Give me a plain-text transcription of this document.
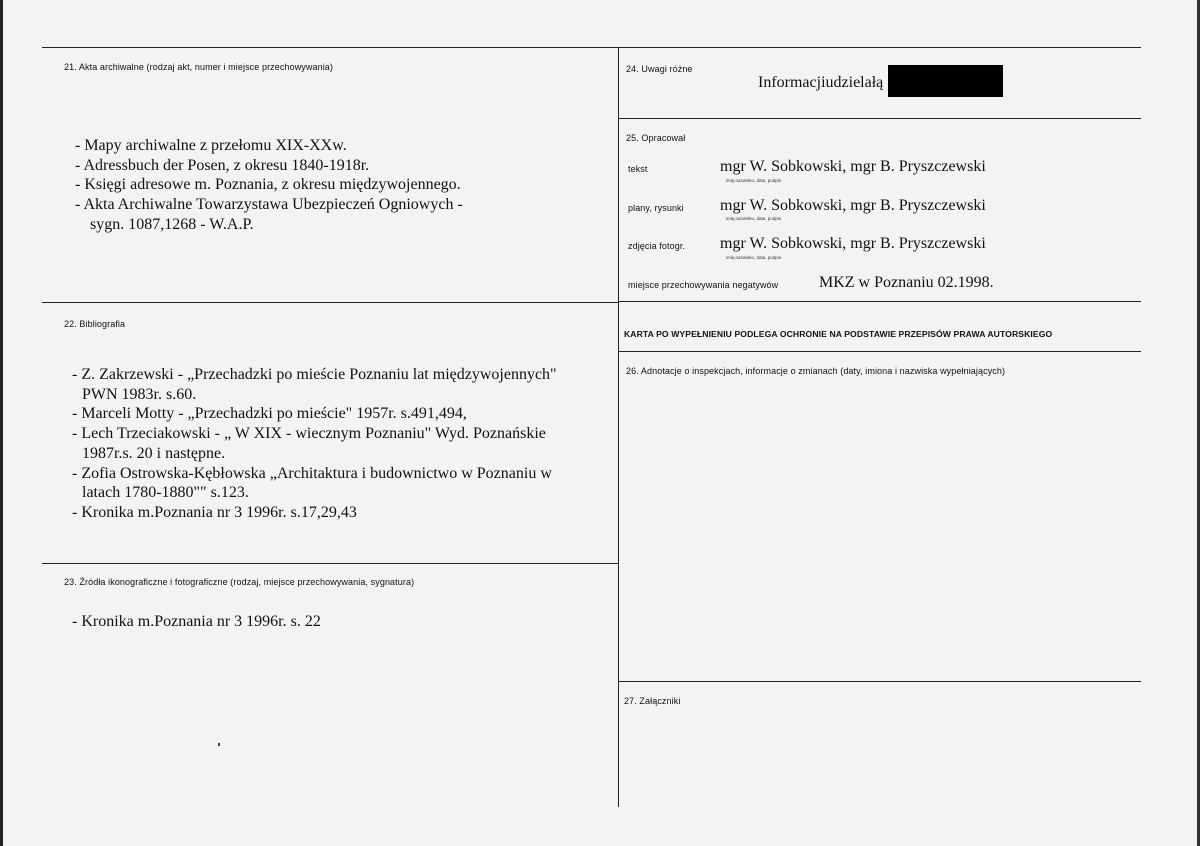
21. Akta archiwalne (rodzaj akt, numer i miejsce przechowywania)
- Mapy archiwalne z przełomu XIX-XXw.
- Adressbuch der Posen, z okresu 1840-1918r.
- Księgi adresowe m. Poznania, z okresu międzywojennego.
- Akta Archiwalne Towarzystawa Ubezpieczeń Ogniowych -
sygn. 1087,1268 - W.A.P.
22. Bibliografia
- Z. Zakrzewski - „Przechadzki po mieście Poznaniu lat międzywojennych"
PWN 1983r. s.60.
- Marceli Motty - „Przechadzki po mieście" 1957r. s.491,494,
- Lech Trzeciakowski - „ W XIX - wiecznym Poznaniu" Wyd. Poznańskie
1987r.s. 20 i następne.
- Zofia Ostrowska-Kębłowska „Architaktura i budownictwo w Poznaniu w
latach 1780-1880"" s.123.
- Kronika m.Poznania nr 3 1996r. s.17,29,43
23. Źródła ikonograficzne i fotograficzne (rodzaj, miejsce przechowywania, sygnatura)
- Kronika m.Poznania nr 3 1996r. s. 22
24. Uwagi różne
Informacjiudzielałą
25. Opracował
tekst	mgr W. Sobkowski, mgr B. Pryszczewski
imię,nazwisko, data, podpis
plany, rysunki mgr W. Sobkowski, mgr B. Pryszczewski
imię,nazwisko, data, podpis
zdjęcia fotogr. mgr W. Sobkowski, mgr B. Pryszczewski
imię,nazwisko, data, podpis
miejsce przechowywania negatywów	MKZ w Poznaniu 02.1998.
KARTA PO WYPEŁNIENIU PODLEGA OCHRONIE NA PODSTAWIE PRZEPISÓW PRAWA AUTORSKIEGO
26. Adnotacje o inspekcjach, informacje o zmianach (daty, imiona i nazwiska wypełniających)
27. Załączniki
